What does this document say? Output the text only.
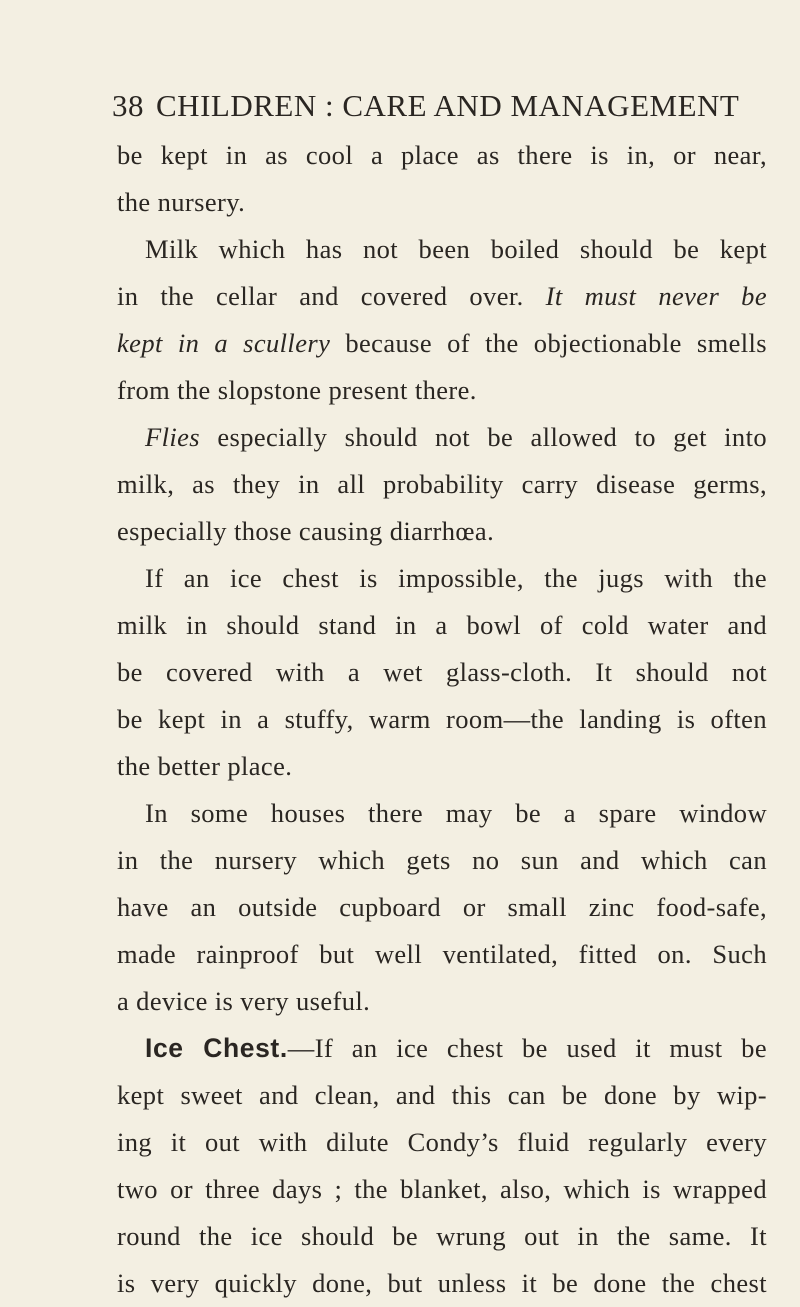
38 CHILDREN : CARE AND MANAGEMENT
be kept in as cool a place as there is in, or near,
the nursery.
Milk which has not been boiled should be kept
in the cellar and covered over. It must never be
kept in a scullery because of the objectionable smells
from the slopstone present there.
Flies especially should not be allowed to get into
milk, as they in all probability carry disease germs,
especially those causing diarrhœa.
If an ice chest is impossible, the jugs with the
milk in should stand in a bowl of cold water and
be covered with a wet glass-cloth. It should not
be kept in a stuffy, warm room—the landing is often
the better place.
In some houses there may be a spare window
in the nursery which gets no sun and which can
have an outside cupboard or small zinc food-safe,
made rainproof but well ventilated, fitted on. Such
a device is very useful.
Ice Chest.—If an ice chest be used it must be
kept sweet and clean, and this can be done by wip-
ing it out with dilute Condy’s fluid regularly every
two or three days ; the blanket, also, which is wrapped
round the ice should be wrung out in the same. It
is very quickly done, but unless it be done the chest
